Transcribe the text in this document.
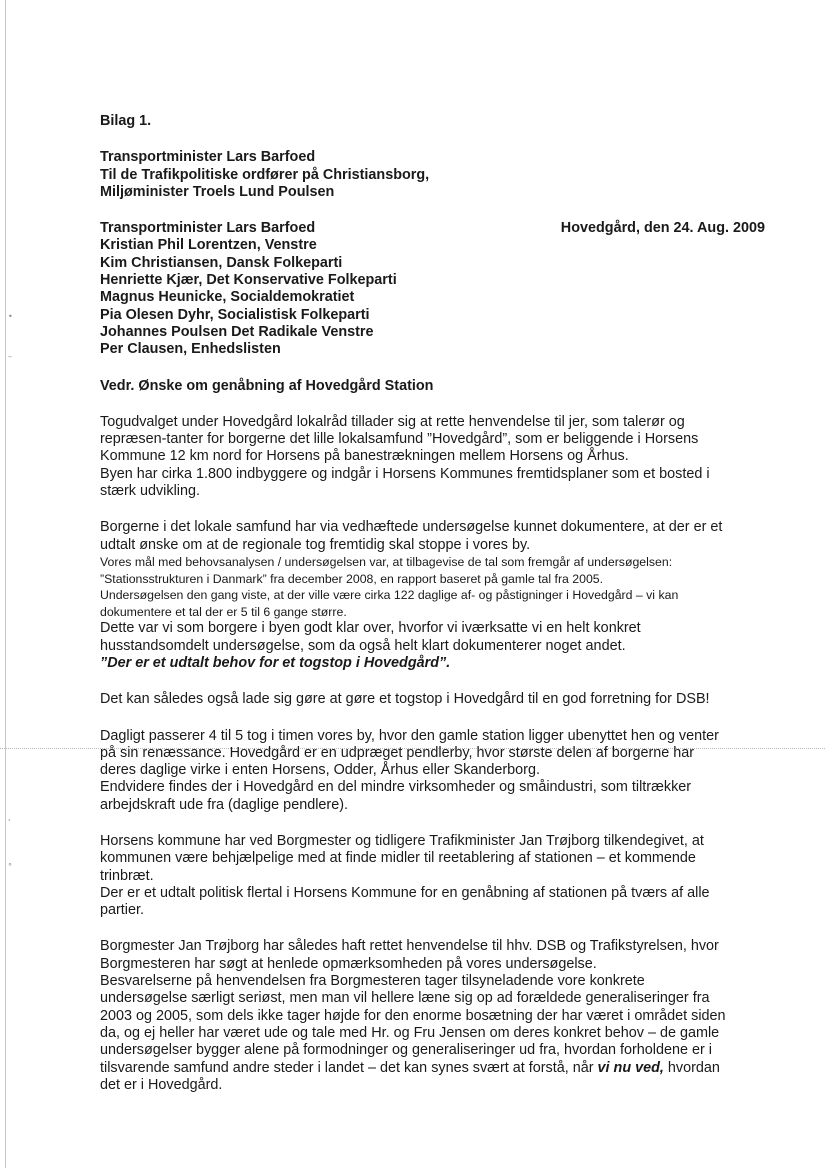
•
–
‘
°

Bilag 1.

Transportminister Lars Barfoed

Til de Trafikpolitiske ordfører på Christiansborg,

Miljøminister Troels Lund Poulsen

Transportminister Lars Barfoed	Hovedgård, den 24. Aug. 2009

Kristian Phil Lorentzen, Venstre

Kim Christiansen, Dansk Folkeparti

Henriette Kjær, Det Konservative Folkeparti

Magnus Heunicke, Socialdemokratiet

Pia Olesen Dyhr, Socialistisk Folkeparti

Johannes Poulsen Det Radikale Venstre

Per Clausen, Enhedslisten

Vedr. Ønske om genåbning af Hovedgård Station

Togudvalget under Hovedgård lokalråd tillader sig at rette henvendelse til jer, som talerør og

repræsen-tanter for borgerne det lille lokalsamfund ”Hovedgård”, som er beliggende i Horsens

Kommune 12 km nord for Horsens på banestrækningen mellem Horsens og Århus.

Byen har cirka 1.800 indbyggere og indgår i Horsens Kommunes fremtidsplaner som et bosted i

stærk udvikling.

Borgerne i det lokale samfund har via vedhæftede undersøgelse kunnet dokumentere, at der er et

udtalt ønske om at de regionale tog fremtidig skal stoppe i vores by.

Vores mål med behovsanalysen / undersøgelsen var, at tilbagevise de tal som fremgår af undersøgelsen:

”Stationsstrukturen i Danmark” fra december 2008, en rapport baseret på gamle tal fra 2005.

Undersøgelsen den gang viste, at der ville være cirka 122 daglige af- og påstigninger i Hovedgård – vi kan

dokumentere et tal der er 5 til 6 gange større.

Dette var vi som borgere i byen godt klar over, hvorfor vi iværksatte vi en helt konkret

husstandsomdelt undersøgelse, som da også helt klart dokumenterer noget andet.

”Der er et udtalt behov for et togstop i Hovedgård”.

Det kan således også lade sig gøre at gøre et togstop i Hovedgård til en god forretning for DSB!

Dagligt passerer 4 til 5 tog i timen vores by, hvor den gamle station ligger ubenyttet hen og venter

på sin renæssance. Hovedgård er en udpræget pendlerby, hvor største delen af borgerne har

deres daglige virke i enten Horsens, Odder, Århus eller Skanderborg.

Endvidere findes der i Hovedgård en del mindre virksomheder og småindustri, som tiltrækker

arbejdskraft ude fra (daglige pendlere).

Horsens kommune har ved Borgmester og tidligere Trafikminister Jan Trøjborg tilkendegivet, at

kommunen være behjælpelige med at finde midler til reetablering af stationen – et kommende

trinbræt.

Der er et udtalt politisk flertal i Horsens Kommune for en genåbning af stationen på tværs af alle

partier.

Borgmester Jan Trøjborg har således haft rettet henvendelse til hhv. DSB og Trafikstyrelsen, hvor

Borgmesteren har søgt at henlede opmærksomheden på vores undersøgelse.

Besvarelserne på henvendelsen fra Borgmesteren tager tilsyneladende vore konkrete

undersøgelse særligt seriøst, men man vil hellere læne sig op ad forældede generaliseringer fra

2003 og 2005, som dels ikke tager højde for den enorme bosætning der har været i området siden

da, og ej heller har været ude og tale med Hr. og Fru Jensen om deres konkret behov – de gamle

undersøgelser bygger alene på formodninger og generaliseringer ud fra, hvordan forholdene er i

tilsvarende samfund andre steder i landet – det kan synes svært at forstå, når vi nu ved, hvordan

det er i Hovedgård.
